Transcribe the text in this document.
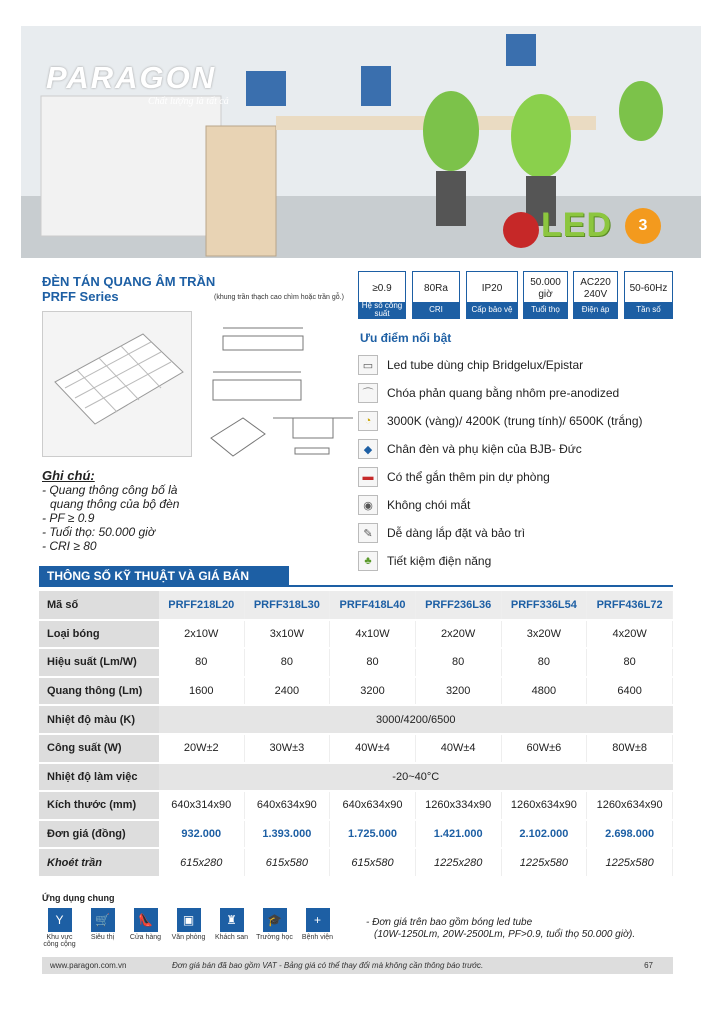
PARAGON
Chất lượng là tất cả
LED	3
ĐÈN TÁN QUANG ÂM TRẦN
PRFF Series	(khung trần thạch cao chìm hoặc trần gỗ.)
≥0.9
Hệ số công suất
80Ra
CRI
IP20
Cấp bảo vệ
50.000 giờ
Tuổi thọ
AC220 240V
Điện áp
50-60Hz
Tần số
Ưu điểm nổi bật
▭	Led tube dùng chip Bridgelux/Epistar
⌒	Chóa phản quang bằng nhôm pre-anodized
◔	3000K (vàng)/ 4200K (trung tính)/ 6500K (trắng)
◆	Chân đèn và phụ kiện của BJB- Đức
▬	Có thể gắn thêm pin dự phòng
◉	Không chói mắt
✎	Dễ dàng lắp đặt và bảo trì
♣	Tiết kiệm điện năng
Ghi chú:
- Quang thông công bố là
quang thông của bộ đèn
- PF ≥ 0.9
- Tuổi thọ: 50.000 giờ
- CRI ≥ 80
THÔNG SỐ KỸ THUẬT VÀ GIÁ BÁN
Mã số	PRFF218L20	PRFF318L30	PRFF418L40	PRFF236L36	PRFF336L54	PRFF436L72
Loại bóng	2x10W	3x10W	4x10W	2x20W	3x20W	4x20W
Hiệu suất (Lm/W)	80	80	80	80	80	80
Quang thông (Lm)	1600	2400	3200	3200	4800	6400
Nhiệt độ màu (K)	3000/4200/6500					
Công suất (W)	20W±2	30W±3	40W±4	40W±4	60W±6	80W±8
Nhiệt độ làm việc	-20~40°C					
Kích thước (mm)	640x314x90	640x634x90	640x634x90	1260x334x90	1260x634x90	1260x634x90
Đơn giá (đồng)	932.000	1.393.000	1.725.000	1.421.000	2.102.000	2.698.000
Khoét trần	615x280	615x580	615x580	1225x280	1225x580	1225x580
Ứng dụng chung
Y
Khu vực công cộng
🛒
Siêu thị
👠
Cửa hàng
▣
Văn phòng
♜
Khách san
🎓
Trường học
+
Bệnh viện
- Đơn giá trên bao gồm bóng led tube
(10W-1250Lm, 20W-2500Lm, PF>0.9, tuổi thọ 50.000 giờ).
www.paragon.com.vn	Đơn giá bán đã bao gồm VAT - Bảng giá có thể thay đổi mà không cần thông báo trước.	67
